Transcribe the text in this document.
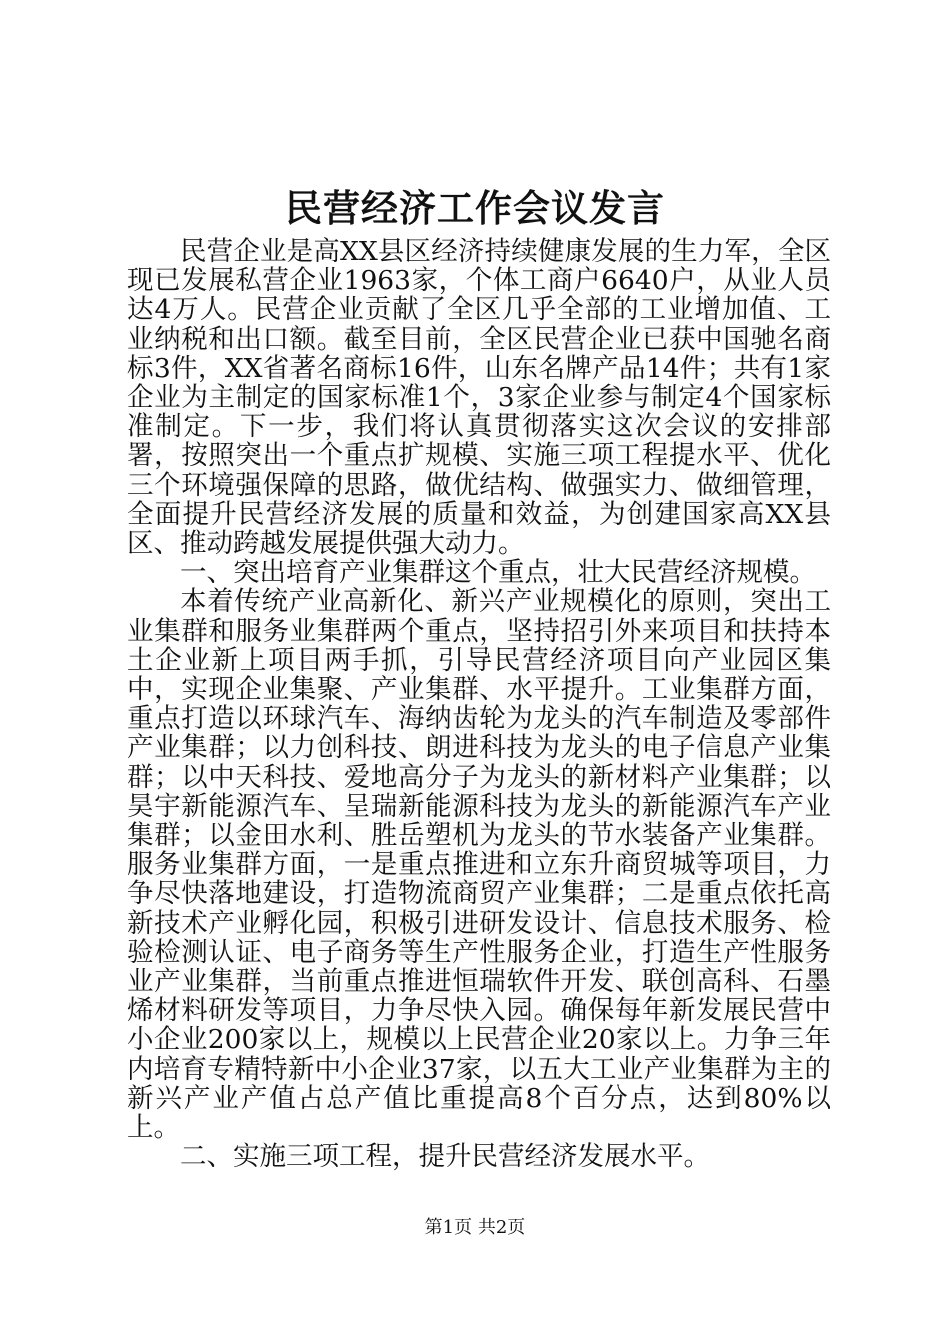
民营经济工作会议发言

民营企业是高XX县区经济持续健康发展的生力军，全区现已发展私营企业1963家，个体工商户6640户，从业人员达4万人。民营企业贡献了全区几乎全部的工业增加值、工业纳税和出口额。截至目前，全区民营企业已获中国驰名商标3件，XX省著名商标16件，山东名牌产品14件；共有1家企业为主制定的国家标准1个，3家企业参与制定4个国家标准制定。下一步，我们将认真贯彻落实这次会议的安排部署，按照突出一个重点扩规模、实施三项工程提水平、优化三个环境强保障的思路，做优结构、做强实力、做细管理，全面提升民营经济发展的质量和效益，为创建国家高XX县区、推动跨越发展提供强大动力。

一、突出培育产业集群这个重点，壮大民营经济规模。

本着传统产业高新化、新兴产业规模化的原则，突出工业集群和服务业集群两个重点，坚持招引外来项目和扶持本土企业新上项目两手抓，引导民营经济项目向产业园区集中，实现企业集聚、产业集群、水平提升。工业集群方面，重点打造以环球汽车、海纳齿轮为龙头的汽车制造及零部件产业集群；以力创科技、朗进科技为龙头的电子信息产业集群；以中天科技、爱地高分子为龙头的新材料产业集群；以昊宇新能源汽车、呈瑞新能源科技为龙头的新能源汽车产业集群；以金田水利、胜岳塑机为龙头的节水装备产业集群。服务业集群方面，一是重点推进和立东升商贸城等项目，力争尽快落地建设，打造物流商贸产业集群；二是重点依托高新技术产业孵化园，积极引进研发设计、信息技术服务、检验检测认证、电子商务等生产性服务企业，打造生产性服务业产业集群，当前重点推进恒瑞软件开发、联创高科、石墨烯材料研发等项目，力争尽快入园。确保每年新发展民营中小企业200家以上，规模以上民营企业20家以上。力争三年内培育专精特新中小企业37家，以五大工业产业集群为主的新兴产业产值占总产值比重提高8个百分点，达到80%以上。

二、实施三项工程，提升民营经济发展水平。

第1页 共2页
